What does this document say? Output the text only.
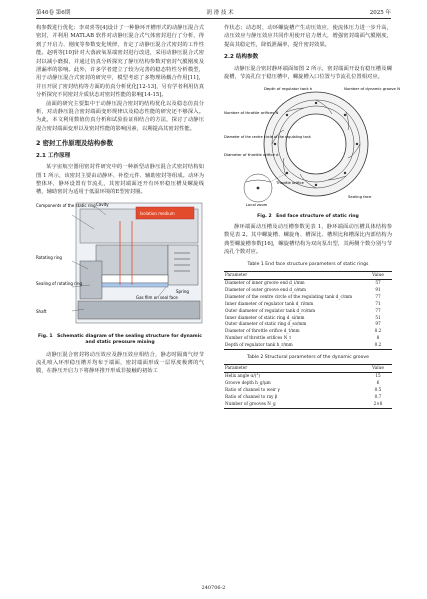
第46卷 第6期	润 滑 技 术	2025 年

构参数进行优化；李双喜等[4]设计了一种静环开槽形式的动静压混合式密封，并利用 MATLAB 软件对动静压混合式气体密封进行了分析，得到了开启力、刚度等参数变化规律，肯定了动静压混合式密封的工作性能。赵明等[10]针对大落液氧泵端密封进行改进，采用动静压混合式密封以减小磨损，并通过仿真分析探究了静压结构参数对密封气膜刚度及泄漏率的影响。此外，许多学者建立了较为完善的稳态特性分析模型，用于动静压混合式密封的研究中，模型考虑了多物理场耦合作用[11]，并且开展了密封结构等方面的仿真分析优化[12-13]，另有学者利用仿真分析探究不同密封介质状态对密封性能的影响[14-15]。

前面的研究主要集中于动静压混合密封的结构优化以及稳态仿真分析，对动静压混合密封端面变形规律以及稳态性能的研究还不够深入。为此，本文利用数值仿真分析和试验验证相结合的方法，探讨了动静压混合密封端面变形以及密封性能的影响因素，以期提高其密封性能。

2 密封工作原理及结构参数
2.1 工作原理

某宇宙航空器用密封件研究中的一种新型动静压混合式密封结构如图 1 所示，该密封主要由动静环、补偿元件、辅助密封等组成。动环为整体环，静环设置有节流孔，其密封端面还开有环形稳压槽及螺旋线槽，辅助密封为适用于低温环境的E型密封圈。

Components of the static ring Cavity
Isolation medium
Rotating ring
Sealing of rotating ring
Shaft
Spring
Gas film on seal face
Fig. 1 Schematic diagram of the sealing structure for dynamic and static pressure mixing

动静压混合密封将动压效应及静压效应相结合，静态时隔离气经节流孔喷入环形稳压槽并均布于端面，密封端面形成一层厚度极薄的气膜，在静压开启力下将静环推开形成非接触的初始工

作状态；动态时，动环螺旋槽产生动压效应，使流体压力进一步升高，动压效应与静压效应共同作用使开启力增大，增强密封端面气膜刚度，提高其稳定性，降低泄漏率，提升密封效果。

2.2 结构参数

动静压混合密封静环端面如图 2 所示，密封端面开设有稳压槽及螺旋槽，节流孔位于稳压槽中，螺旋槽入口位置与节流孔位置相对应。

Depth of regulator tank h	Number of dynamic groove N
Number of throttle orifices N
Diameter of the centre circle of the regulating tank
Diameter of throttle orifice d
Throttle orifice
Local zoom
Sealing face
Fig. 2 End face structure of static ring

静环端面动压槽及动压槽参数见表 1，静环端面动压槽具体结构参数见表 2。其中螺旋槽、螺旋角、槽深比、槽坝比和槽深比内部结构为典型螺旋槽参数[16]，螺旋槽结构为双向泵出型，其两侧个数分别与节流孔个数对应。

Table 1 End face structure parameters of static rings
Parameter	Value
Diameter of inner groove end d_i/mm	57
Diameter of outer groove end d_o/mm	91
Diameter of the centre circle of the regulating tank d_c/mm	77
Inner diameter of regulator tank d_ri/mm	71
Outer diameter of regulator tank d_ro/mm	77
Inner diameter of static ring d_si/mm	51
Outer diameter of static ring d_so/mm	97
Diameter of throttle orifice d_t/mm	0.2
Number of throttle orifices N_t	8
Depth of regulator tank h_r/mm	0.2
Table 2 Structural parameters of the dynamic groove
Parameter	Value
Helix angle α/(°)	15
Groove depth h_g/μm	6
Ratio of channel to weir γ	0.5
Ratio of channel to ray β	0.7
Number of grooves N_g	2×8
240706-2
